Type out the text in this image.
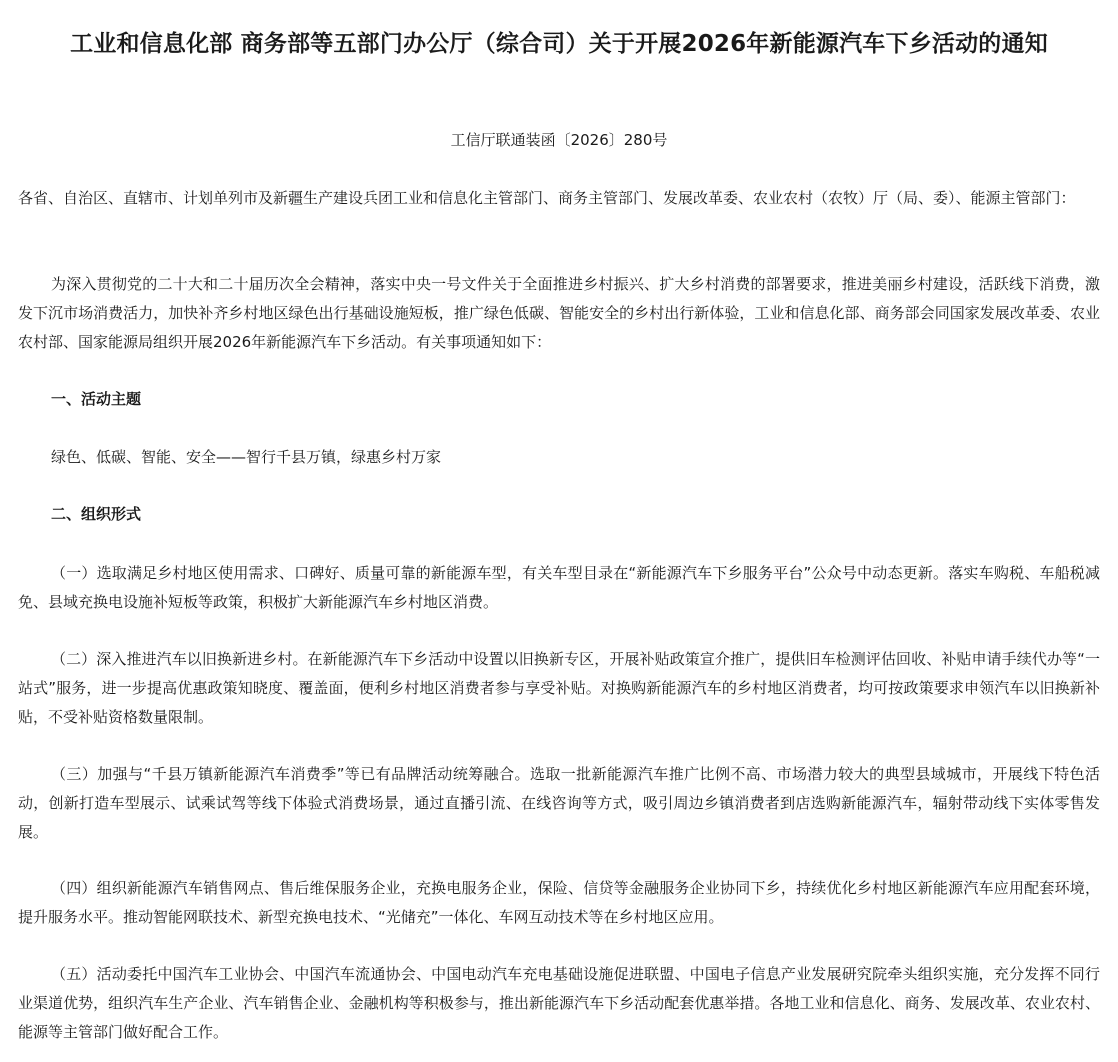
工业和信息化部 商务部等五部门办公厅（综合司）关于开展2026年新能源汽车下乡活动的通知
工信厅联通装函〔2026〕280号

各省、自治区、直辖市、计划单列市及新疆生产建设兵团工业和信息化主管部门、商务主管部门、发展改革委、农业农村（农牧）厅（局、委）、能源主管部门：

为深入贯彻党的二十大和二十届历次全会精神，落实中央一号文件关于全面推进乡村振兴、扩大乡村消费的部署要求，推进美丽乡村建设，活跃线下消费，激发下沉市场消费活力，加快补齐乡村地区绿色出行基础设施短板，推广绿色低碳、智能安全的乡村出行新体验，工业和信息化部、商务部会同国家发展改革委、农业农村部、国家能源局组织开展2026年新能源汽车下乡活动。有关事项通知如下：

一、活动主题

绿色、低碳、智能、安全——智行千县万镇，绿惠乡村万家

二、组织形式

（一）选取满足乡村地区使用需求、口碑好、质量可靠的新能源车型，有关车型目录在“新能源汽车下乡服务平台”公众号中动态更新。落实车购税、车船税减免、县域充换电设施补短板等政策，积极扩大新能源汽车乡村地区消费。

（二）深入推进汽车以旧换新进乡村。在新能源汽车下乡活动中设置以旧换新专区，开展补贴政策宣介推广，提供旧车检测评估回收、补贴申请手续代办等“一站式”服务，进一步提高优惠政策知晓度、覆盖面，便利乡村地区消费者参与享受补贴。对换购新能源汽车的乡村地区消费者，均可按政策要求申领汽车以旧换新补贴，不受补贴资格数量限制。

（三）加强与“千县万镇新能源汽车消费季”等已有品牌活动统筹融合。选取一批新能源汽车推广比例不高、市场潜力较大的典型县域城市，开展线下特色活动，创新打造车型展示、试乘试驾等线下体验式消费场景，通过直播引流、在线咨询等方式，吸引周边乡镇消费者到店选购新能源汽车，辐射带动线下实体零售发展。

（四）组织新能源汽车销售网点、售后维保服务企业，充换电服务企业，保险、信贷等金融服务企业协同下乡，持续优化乡村地区新能源汽车应用配套环境，提升服务水平。推动智能网联技术、新型充换电技术、“光储充”一体化、车网互动技术等在乡村地区应用。

（五）活动委托中国汽车工业协会、中国汽车流通协会、中国电动汽车充电基础设施促进联盟、中国电子信息产业发展研究院牵头组织实施，充分发挥不同行业渠道优势，组织汽车生产企业、汽车销售企业、金融机构等积极参与，推出新能源汽车下乡活动配套优惠举措。各地工业和信息化、商务、发展改革、农业农村、能源等主管部门做好配合工作。
